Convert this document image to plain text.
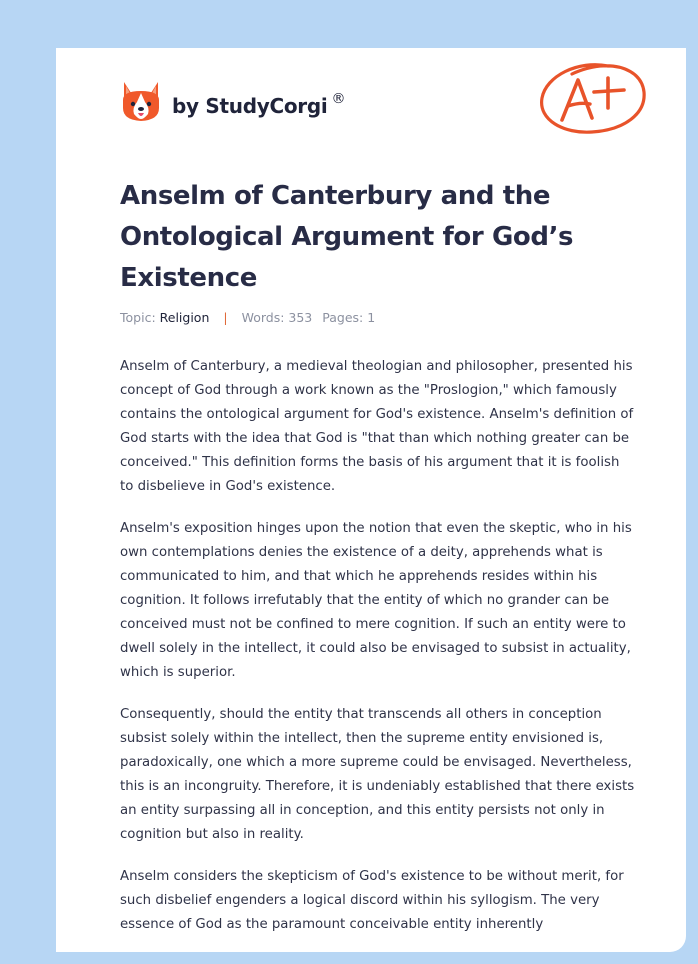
by StudyCorgi ®
Anselm of Canterbury and the Ontological Argument for God’s Existence
Topic: Religion | Words: 353 Pages: 1

Anselm of Canterbury, a medieval theologian and philosopher, presented his concept of God through a work known as the "Proslogion," which famously contains the ontological argument for God's existence. Anselm's definition of God starts with the idea that God is "that than which nothing greater can be conceived." This definition forms the basis of his argument that it is foolish to disbelieve in God's existence.

Anselm's exposition hinges upon the notion that even the skeptic, who in his own contemplations denies the existence of a deity, apprehends what is communicated to him, and that which he apprehends resides within his cognition. It follows irrefutably that the entity of which no grander can be conceived must not be confined to mere cognition. If such an entity were to dwell solely in the intellect, it could also be envisaged to subsist in actuality, which is superior.

Consequently, should the entity that transcends all others in conception subsist solely within the intellect, then the supreme entity envisioned is, paradoxically, one which a more supreme could be envisaged. Nevertheless, this is an incongruity. Therefore, it is undeniably established that there exists an entity surpassing all in conception, and this entity persists not only in cognition but also in reality.

Anselm considers the skepticism of God's existence to be without merit, for such disbelief engenders a logical discord within his syllogism. The very essence of God as the paramount conceivable entity inherently
